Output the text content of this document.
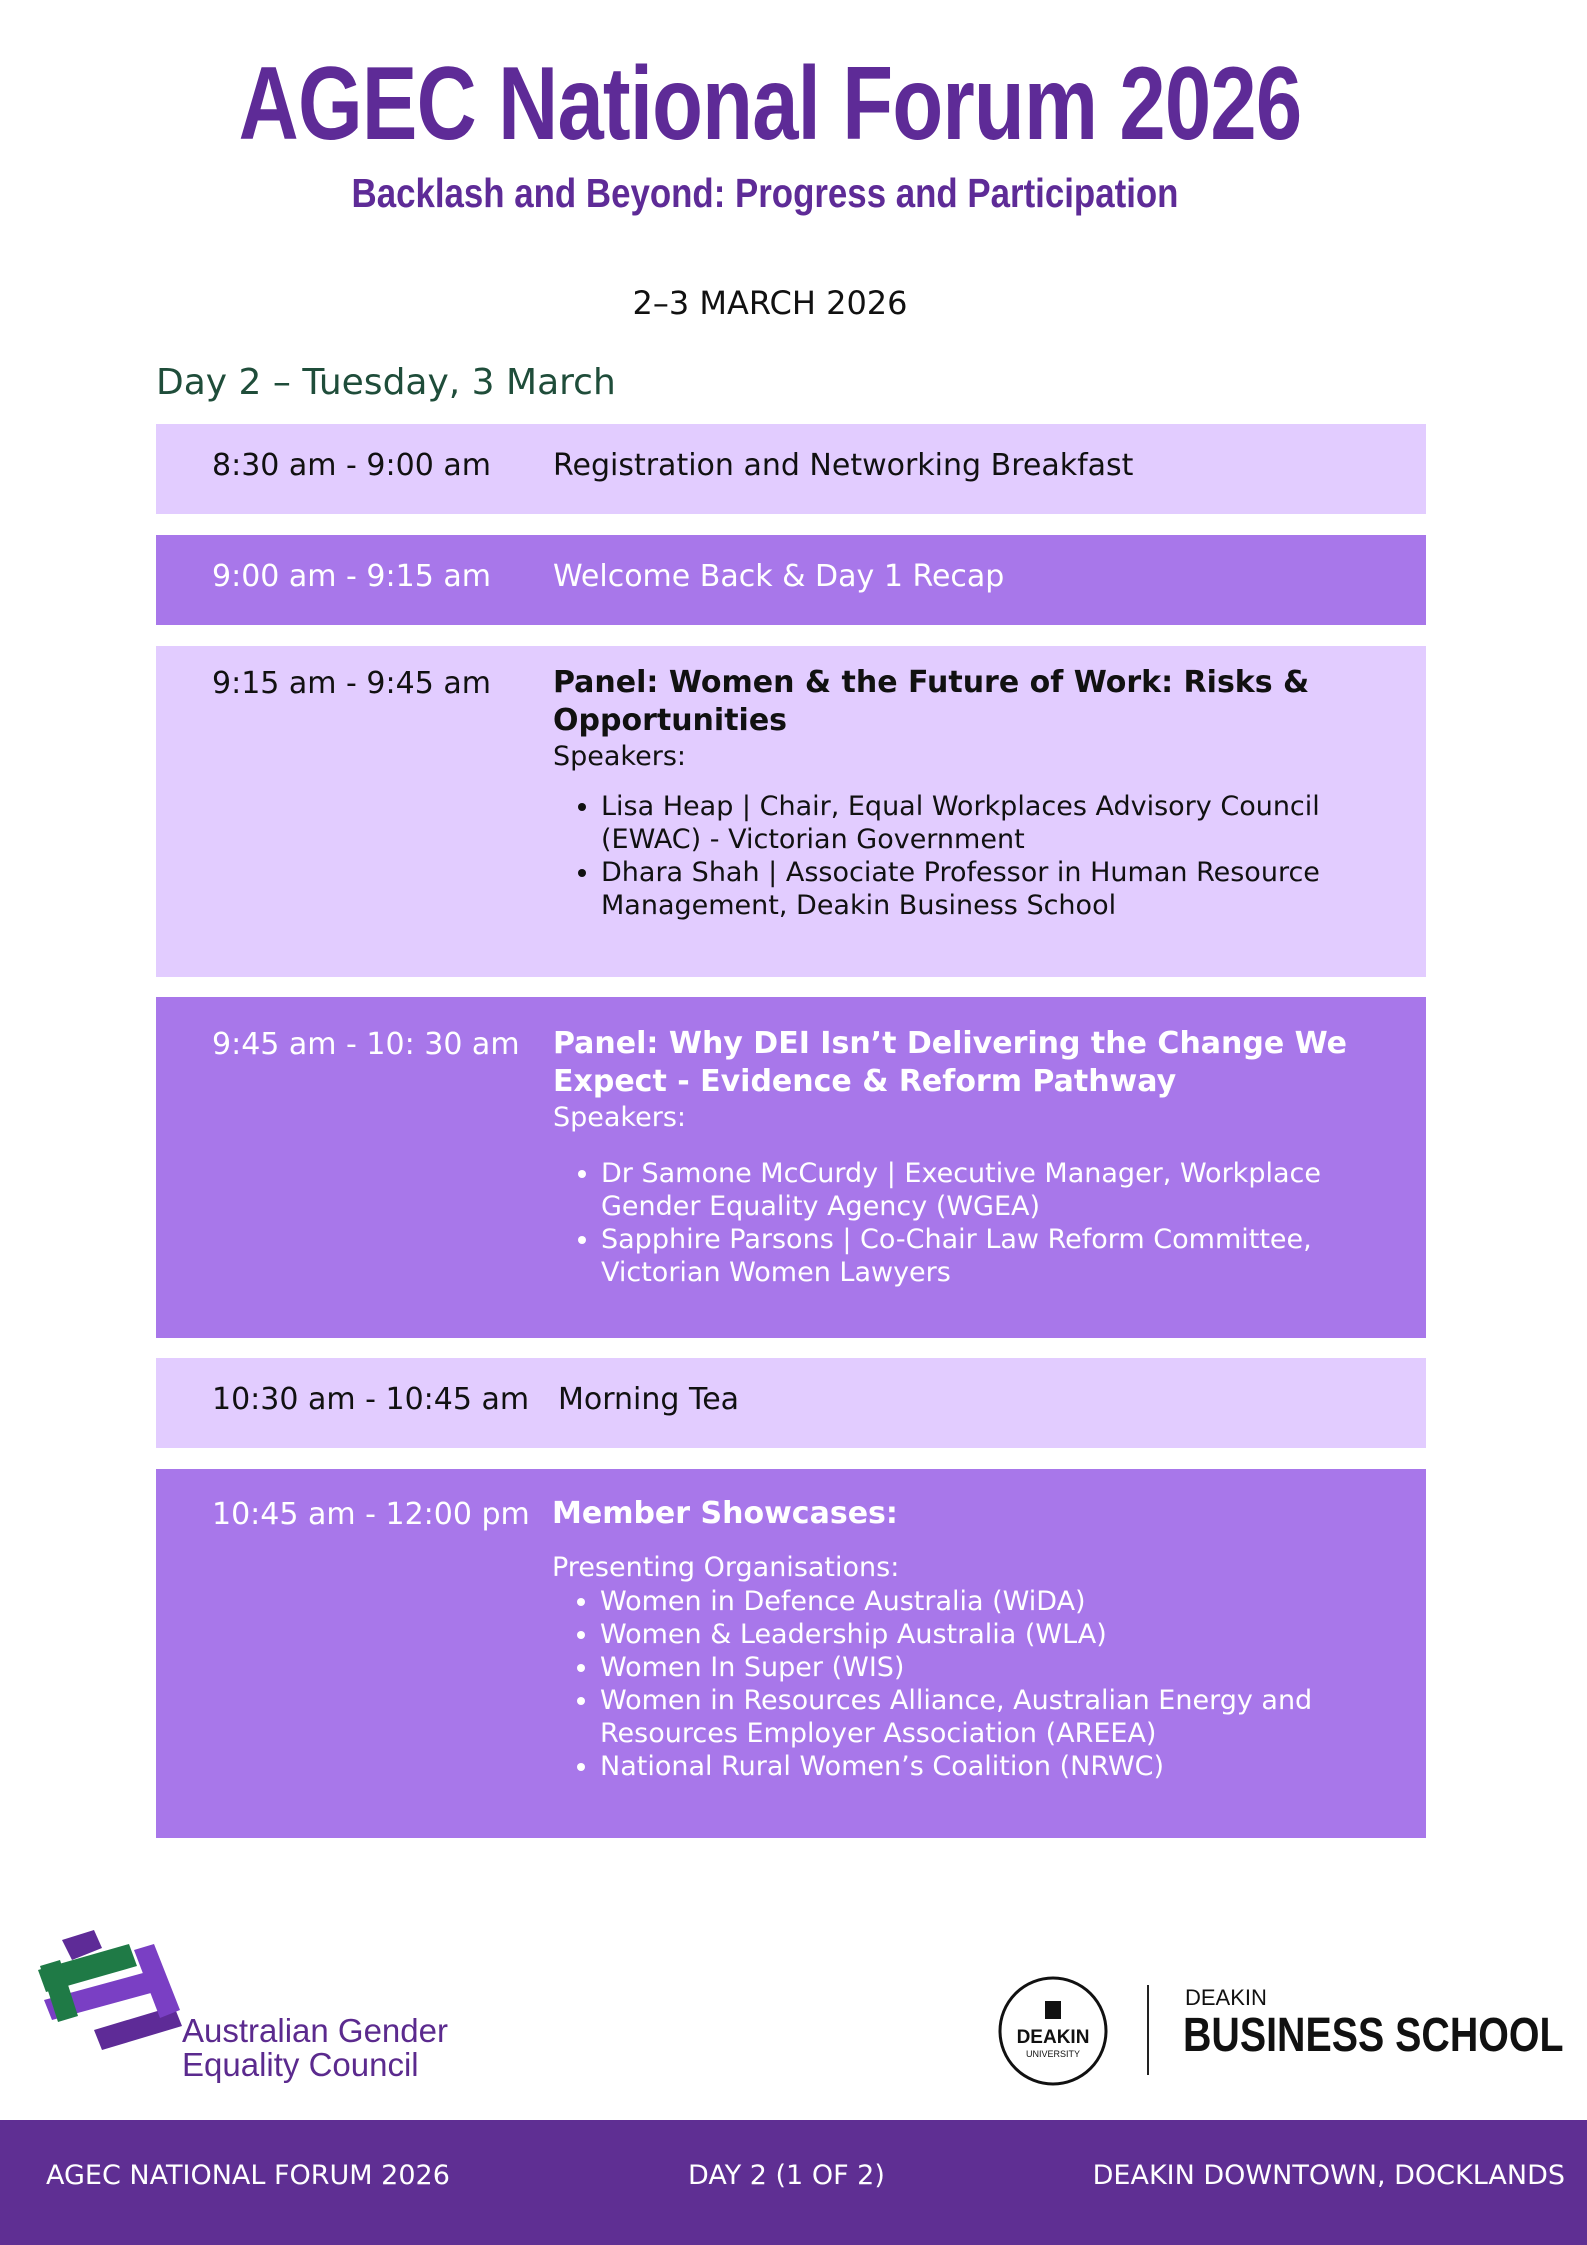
AGEC National Forum 2026
Backlash and Beyond: Progress and Participation
2–3 MARCH 2026
Day 2 – Tuesday, 3 March
8:30 am - 9:00 am Registration and Networking Breakfast
9:00 am - 9:15 am Welcome Back & Day 1 Recap
9:15 am - 9:45 am Panel: Women & the Future of Work: Risks & Opportunities
Speakers:
• Lisa Heap | Chair, Equal Workplaces Advisory Council (EWAC) - Victorian Government
• Dhara Shah | Associate Professor in Human Resource Management, Deakin Business School
9:45 am - 10: 30 am Panel: Why DEI Isn’t Delivering the Change We Expect - Evidence & Reform Pathway
Speakers:
• Dr Samone McCurdy | Executive Manager, Workplace Gender Equality Agency (WGEA)
• Sapphire Parsons | Co-Chair Law Reform Committee, Victorian Women Lawyers
10:30 am - 10:45 am Morning Tea
10:45 am - 12:00 pm Member Showcases:
Presenting Organisations:
• Women in Defence Australia (WiDA)
• Women & Leadership Australia (WLA)
• Women In Super (WIS)
• Women in Resources Alliance, Australian Energy and Resources Employer Association (AREEA)
• National Rural Women’s Coalition (NRWC)
Australian Gender
Equality Council
DEAKIN
UNIVERSITY
DEAKIN
BUSINESS SCHOOL
AGEC NATIONAL FORUM 2026	DAY 2 (1 OF 2)	DEAKIN DOWNTOWN, DOCKLANDS
